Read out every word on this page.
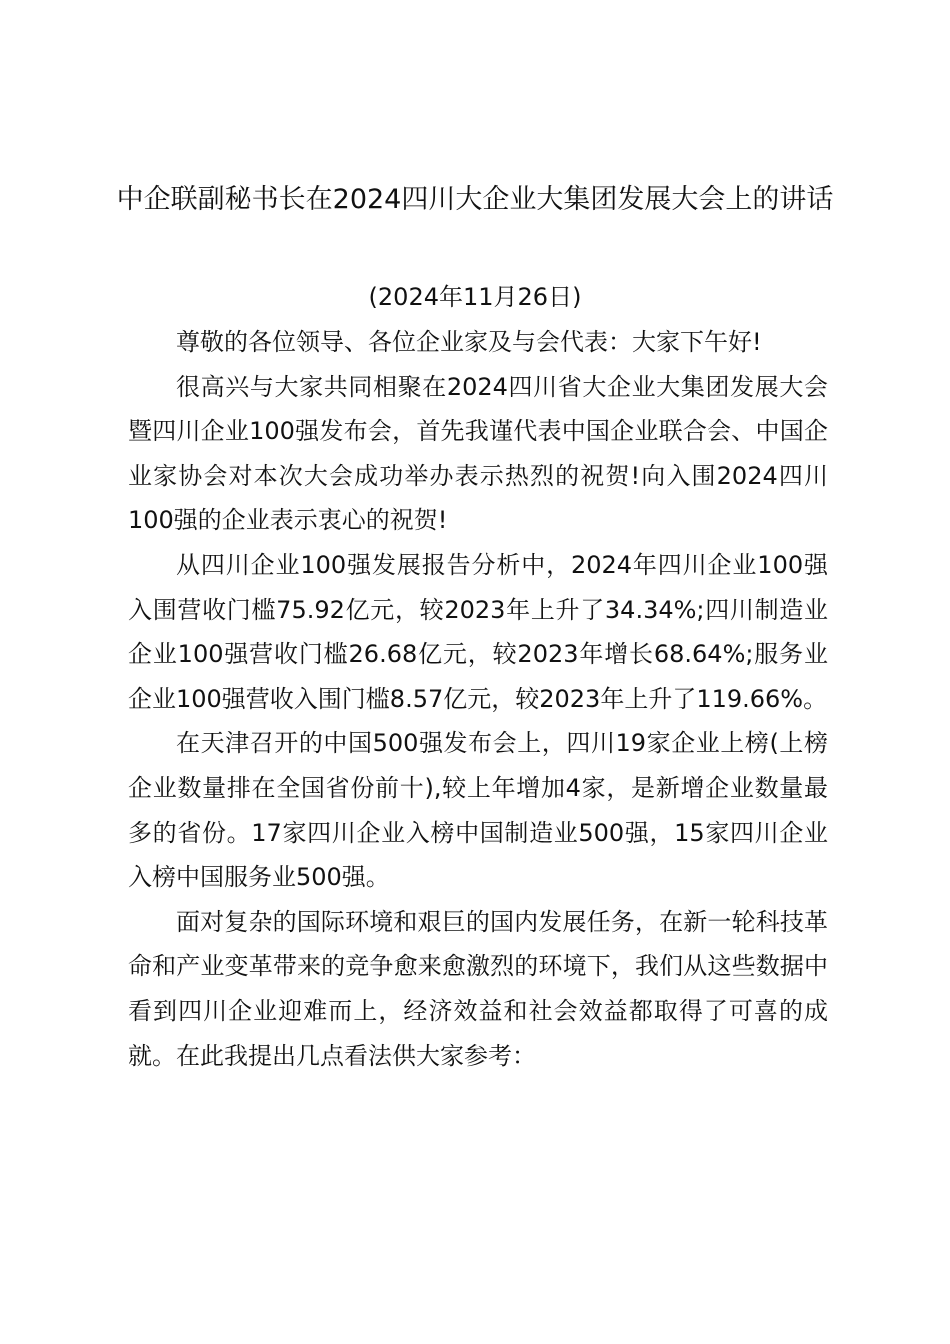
中企联副秘书长在2024四川大企业大集团发展大会上的讲话
(2024年11月26日)

尊敬的各位领导、各位企业家及与会代表：大家下午好!

很高兴与大家共同相聚在2024四川省大企业大集团发展大会暨四川企业100强发布会，首先我谨代表中国企业联合会、中国企业家协会对本次大会成功举办表示热烈的祝贺!向入围2024四川100强的企业表示衷心的祝贺!

从四川企业100强发展报告分析中，2024年四川企业100强入围营收门槛75.92亿元，较2023年上升了34.34%;四川制造业企业100强营收门槛26.68亿元，较2023年增长68.64%;服务业企业100强营收入围门槛8.57亿元，较2023年上升了119.66%。

在天津召开的中国500强发布会上，四川19家企业上榜(上榜企业数量排在全国省份前十),较上年增加4家，是新增企业数量最多的省份。17家四川企业入榜中国制造业500强，15家四川企业入榜中国服务业500强。

面对复杂的国际环境和艰巨的国内发展任务，在新一轮科技革命和产业变革带来的竞争愈来愈激烈的环境下，我们从这些数据中看到四川企业迎难而上，经济效益和社会效益都取得了可喜的成就。在此我提出几点看法供大家参考：
